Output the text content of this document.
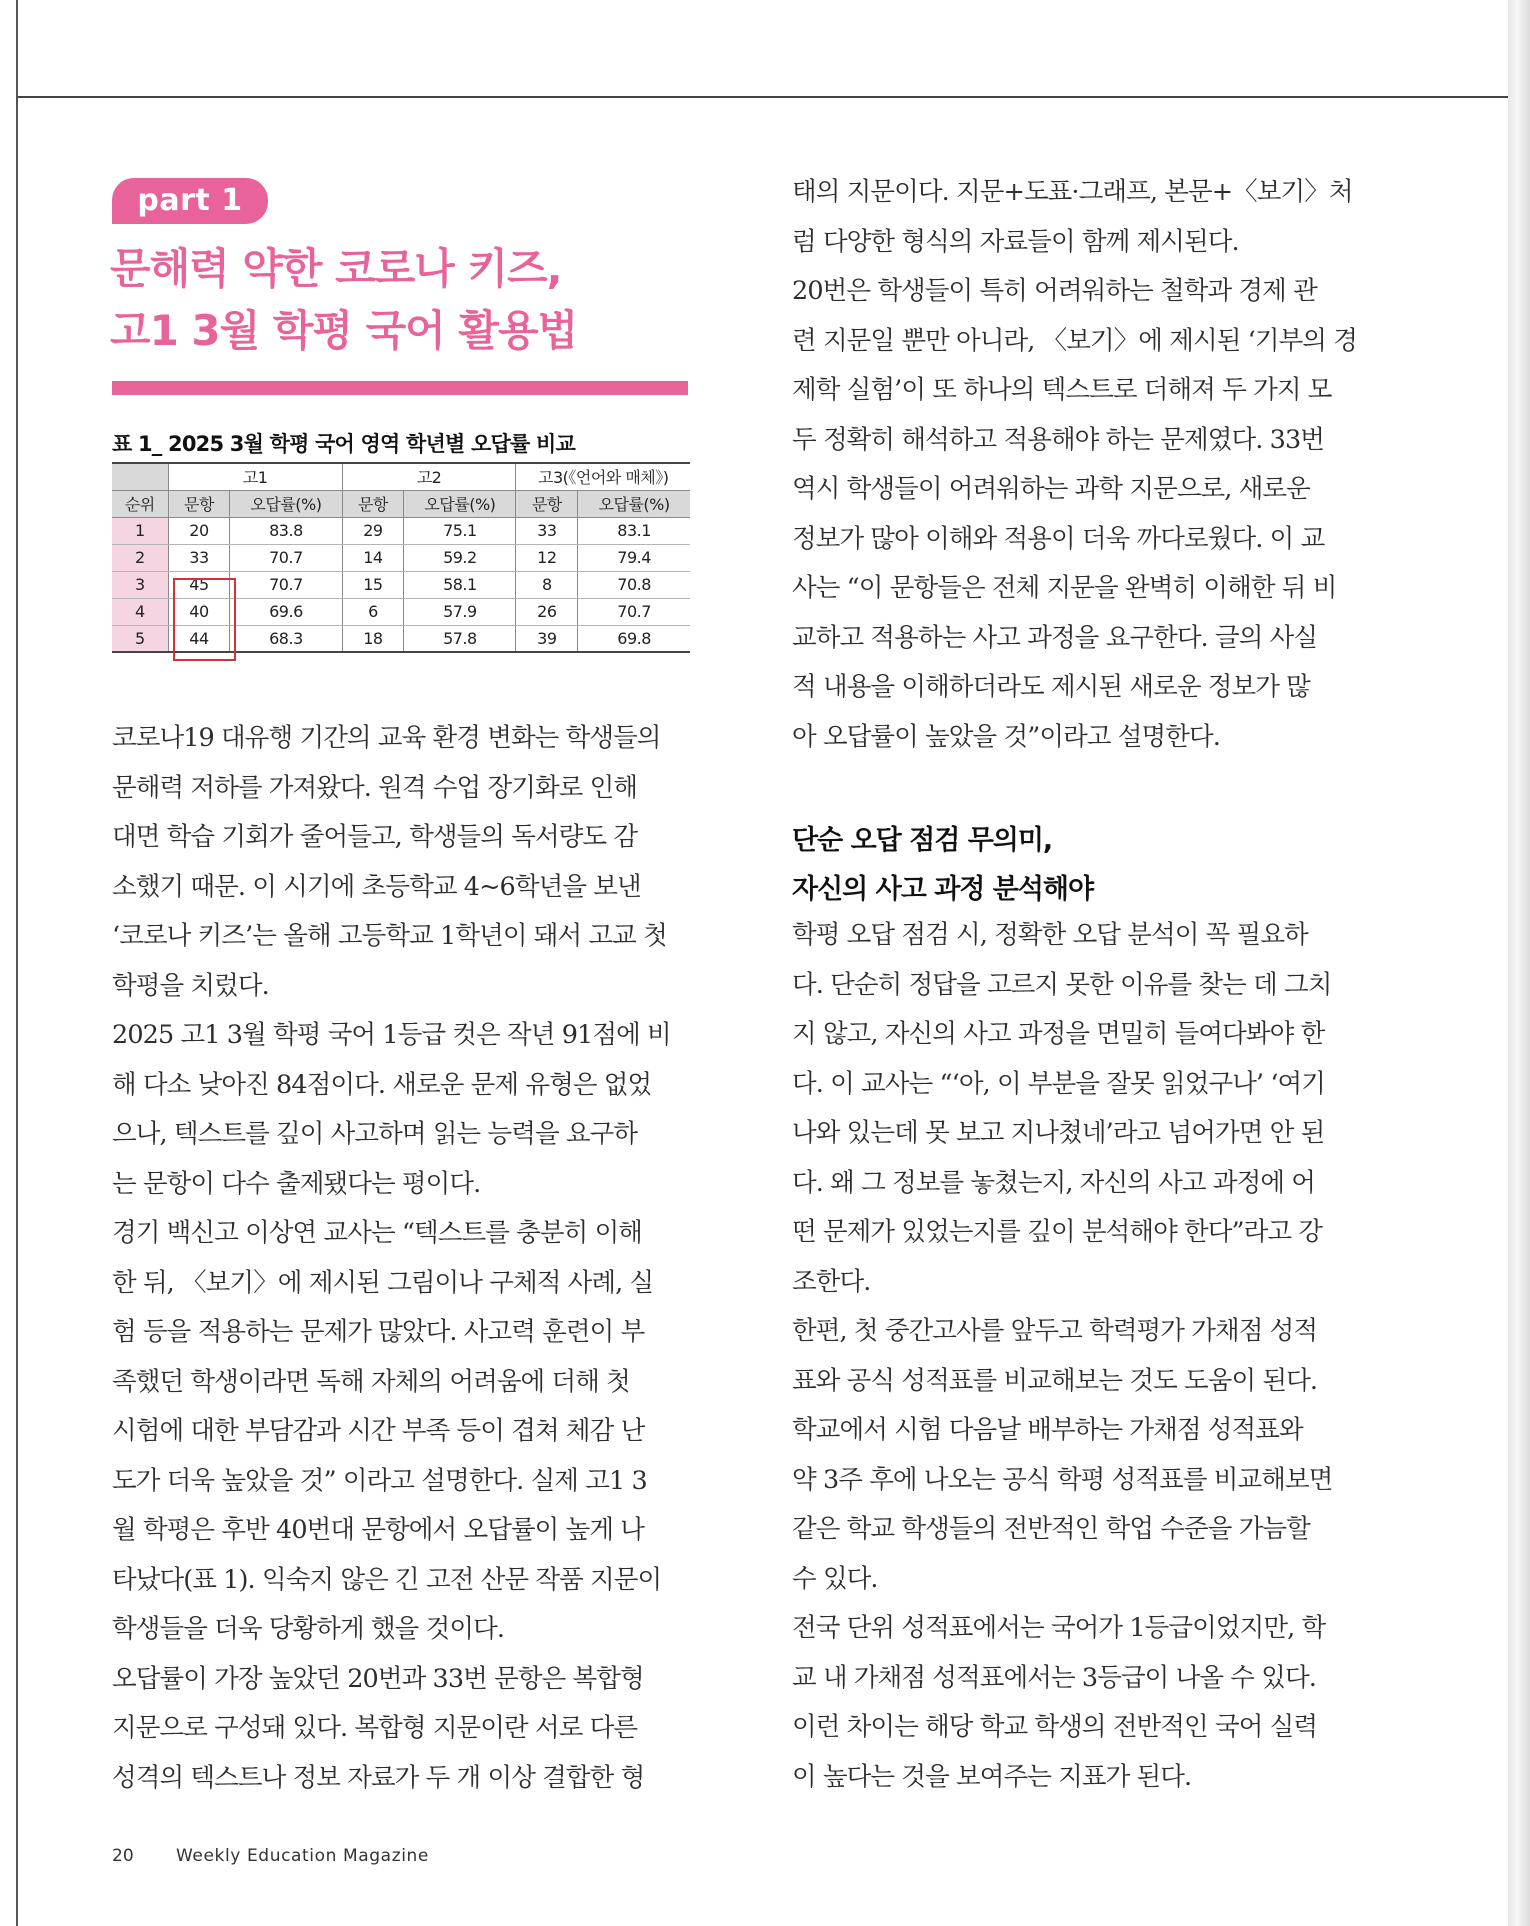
part 1
문해력 약한 코로나 키즈,
고1 3월 학평 국어 활용법
표 1_ 2025 3월 학평 국어 영역 학년별 오답률 비교
	고1		고2		고3(《언어와 매체》)	
순위	문항	오답률(%)	문항	오답률(%)	문항	오답률(%)
1	20	83.8	29	75.1	33	83.1
2	33	70.7	14	59.2	12	79.4
3	45	70.7	15	58.1	8	70.8
4	40	69.6	6	57.9	26	70.7
5	44	68.3	18	57.8	39	69.8
코로나19 대유행 기간의 교육 환경 변화는 학생들의
문해력 저하를 가져왔다. 원격 수업 장기화로 인해
대면 학습 기회가 줄어들고, 학생들의 독서량도 감
소했기 때문. 이 시기에 초등학교 4~6학년을 보낸
‘코로나 키즈’는 올해 고등학교 1학년이 돼서 고교 첫
학평을 치렀다.
2025 고1 3월 학평 국어 1등급 컷은 작년 91점에 비
해 다소 낮아진 84점이다. 새로운 문제 유형은 없었
으나, 텍스트를 깊이 사고하며 읽는 능력을 요구하
는 문항이 다수 출제됐다는 평이다.
경기 백신고 이상연 교사는 “텍스트를 충분히 이해
한 뒤, 〈보기〉에 제시된 그림이나 구체적 사례, 실
험 등을 적용하는 문제가 많았다. 사고력 훈련이 부
족했던 학생이라면 독해 자체의 어려움에 더해 첫
시험에 대한 부담감과 시간 부족 등이 겹쳐 체감 난
도가 더욱 높았을 것” 이라고 설명한다. 실제 고1 3
월 학평은 후반 40번대 문항에서 오답률이 높게 나
타났다(표 1). 익숙지 않은 긴 고전 산문 작품 지문이
학생들을 더욱 당황하게 했을 것이다.
오답률이 가장 높았던 20번과 33번 문항은 복합형
지문으로 구성돼 있다. 복합형 지문이란 서로 다른
성격의 텍스트나 정보 자료가 두 개 이상 결합한 형
태의 지문이다. 지문+도표·그래프, 본문+〈보기〉처
럼 다양한 형식의 자료들이 함께 제시된다.
20번은 학생들이 특히 어려워하는 철학과 경제 관
련 지문일 뿐만 아니라, 〈보기〉에 제시된 ‘기부의 경
제학 실험’이 또 하나의 텍스트로 더해져 두 가지 모
두 정확히 해석하고 적용해야 하는 문제였다. 33번
역시 학생들이 어려워하는 과학 지문으로, 새로운
정보가 많아 이해와 적용이 더욱 까다로웠다. 이 교
사는 “이 문항들은 전체 지문을 완벽히 이해한 뒤 비
교하고 적용하는 사고 과정을 요구한다. 글의 사실
적 내용을 이해하더라도 제시된 새로운 정보가 많
아 오답률이 높았을 것”이라고 설명한다.
단순 오답 점검 무의미,
자신의 사고 과정 분석해야
학평 오답 점검 시, 정확한 오답 분석이 꼭 필요하
다. 단순히 정답을 고르지 못한 이유를 찾는 데 그치
지 않고, 자신의 사고 과정을 면밀히 들여다봐야 한
다. 이 교사는 “‘아, 이 부분을 잘못 읽었구나’ ‘여기
나와 있는데 못 보고 지나쳤네’라고 넘어가면 안 된
다. 왜 그 정보를 놓쳤는지, 자신의 사고 과정에 어
떤 문제가 있었는지를 깊이 분석해야 한다”라고 강
조한다.
한편, 첫 중간고사를 앞두고 학력평가 가채점 성적
표와 공식 성적표를 비교해보는 것도 도움이 된다.
학교에서 시험 다음날 배부하는 가채점 성적표와
약 3주 후에 나오는 공식 학평 성적표를 비교해보면
같은 학교 학생들의 전반적인 학업 수준을 가늠할
수 있다.
전국 단위 성적표에서는 국어가 1등급이었지만, 학
교 내 가채점 성적표에서는 3등급이 나올 수 있다.
이런 차이는 해당 학교 학생의 전반적인 국어 실력
이 높다는 것을 보여주는 지표가 된다.
20 Weekly Education Magazine
